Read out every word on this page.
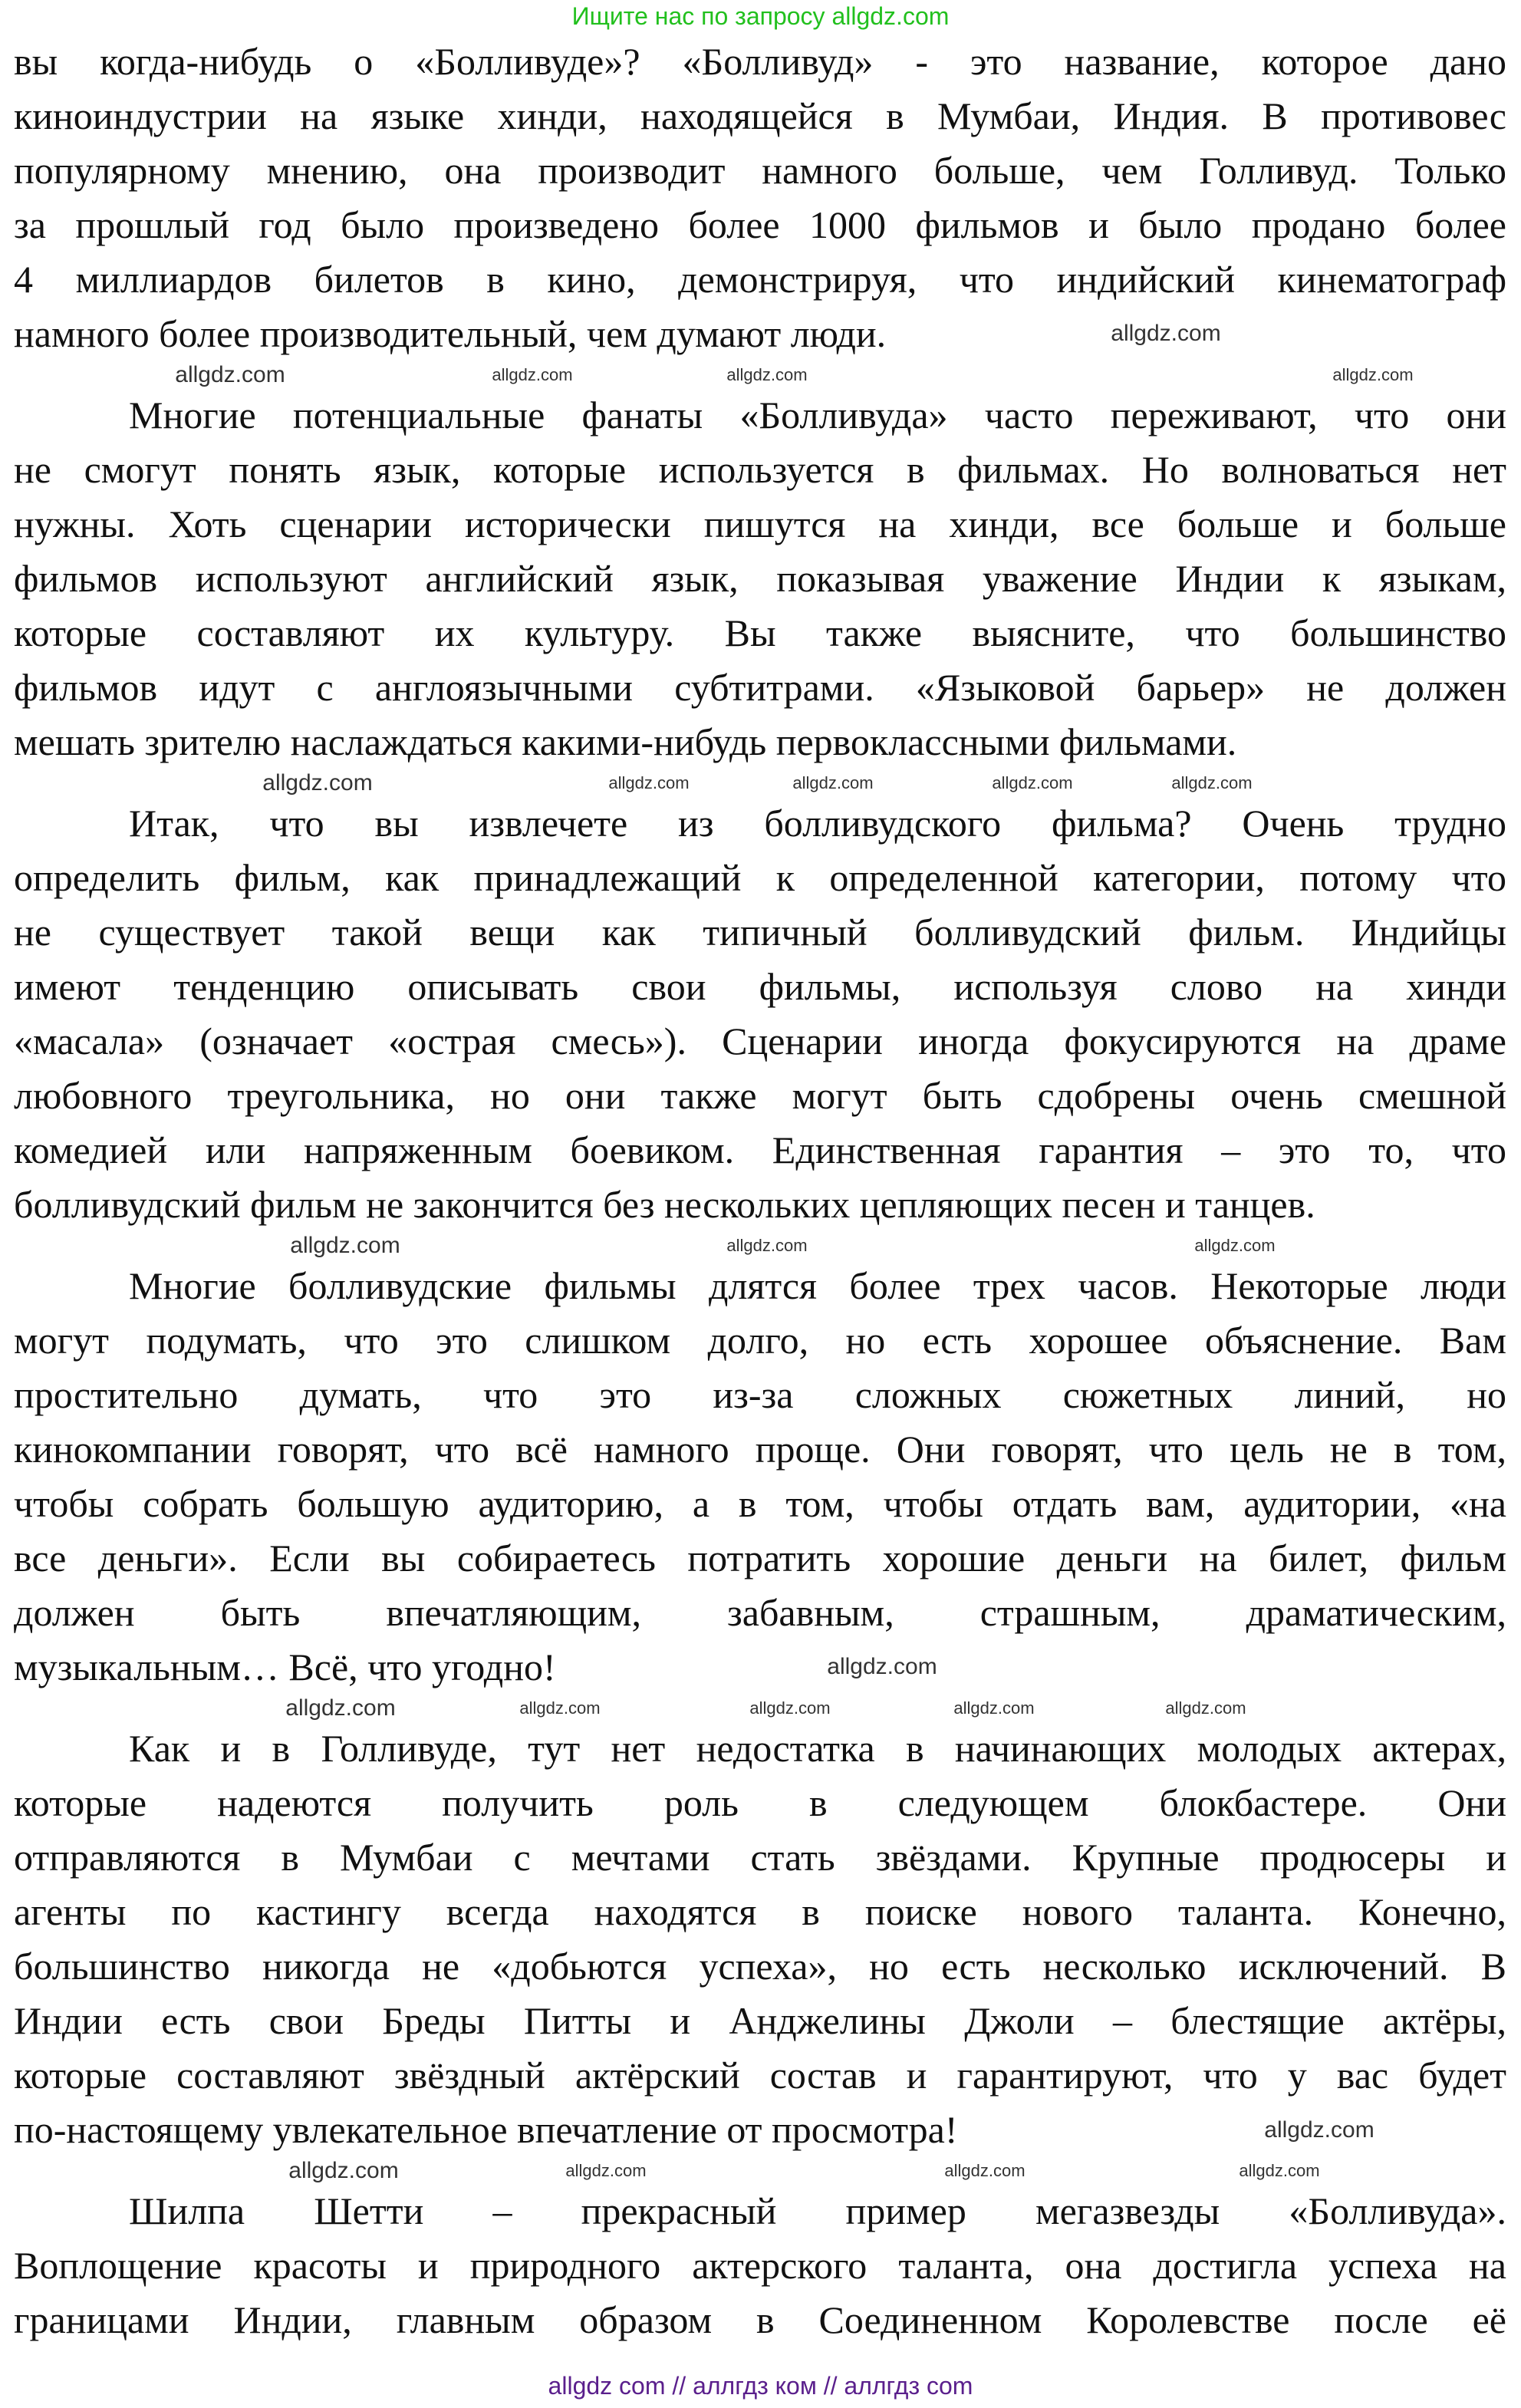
Ищите нас по запросу allgdz.com
вы когда-нибудь о «Болливуде»? «Болливуд» - это название, которое дано
киноиндустрии на языке хинди, находящейся в Мумбаи, Индия. В противовес
популярному мнению, она производит намного больше, чем Голливуд. Только
за прошлый год было произведено более 1000 фильмов и было продано более
4 миллиардов билетов в кино, демонстрируя, что индийский кинематограф
намного более производительный, чем думают люди.
Многие потенциальные фанаты «Болливуда» часто переживают, что они
не смогут понять язык, которые используется в фильмах. Но волноваться нет
нужны. Хоть сценарии исторически пишутся на хинди, все больше и больше
фильмов используют английский язык, показывая уважение Индии к языкам,
которые составляют их культуру. Вы также выясните, что большинство
фильмов идут с англоязычными субтитрами. «Языковой барьер» не должен
мешать зрителю наслаждаться какими-нибудь первоклассными фильмами.
Итак, что вы извлечете из болливудского фильма? Очень трудно
определить фильм, как принадлежащий к определенной категории, потому что
не существует такой вещи как типичный болливудский фильм. Индийцы
имеют тенденцию описывать свои фильмы, используя слово на хинди
«масала» (означает «острая смесь»). Сценарии иногда фокусируются на драме
любовного треугольника, но они также могут быть сдобрены очень смешной
комедией или напряженным боевиком. Единственная гарантия – это то, что
болливудский фильм не закончится без нескольких цепляющих песен и танцев.
Многие болливудские фильмы длятся более трех часов. Некоторые люди
могут подумать, что это слишком долго, но есть хорошее объяснение. Вам
простительно думать, что это из-за сложных сюжетных линий, но
кинокомпании говорят, что всё намного проще. Они говорят, что цель не в том,
чтобы собрать большую аудиторию, а в том, чтобы отдать вам, аудитории, «на
все деньги». Если вы собираетесь потратить хорошие деньги на билет, фильм
должен быть впечатляющим, забавным, страшным, драматическим,
музыкальным… Всё, что угодно!
Как и в Голливуде, тут нет недостатка в начинающих молодых актерах,
которые надеются получить роль в следующем блокбастере. Они
отправляются в Мумбаи с мечтами стать звёздами. Крупные продюсеры и
агенты по кастингу всегда находятся в поиске нового таланта. Конечно,
большинство никогда не «добьются успеха», но есть несколько исключений. В
Индии есть свои Бреды Питты и Анджелины Джоли – блестящие актёры,
которые составляют звёздный актёрский состав и гарантируют, что у вас будет
по-настоящему увлекательное впечатление от просмотра!
Шилпа Шетти – прекрасный пример мегазвезды «Болливуда».
Воплощение красоты и природного актерского таланта, она достигла успеха на
границами Индии, главным образом в Соединенном Королевстве после её
allgdz.com	allgdz.com	allgdz.com	allgdz.com
allgdz.com
allgdz.com	allgdz.com	allgdz.com	allgdz.com	allgdz.com
allgdz.com	allgdz.com	allgdz.com
allgdz.com
allgdz.com	allgdz.com	allgdz.com	allgdz.com	allgdz.com
allgdz.com
allgdz.com	allgdz.com	allgdz.com	allgdz.com
allgdz com // аллгдз ком // аллгдз com
